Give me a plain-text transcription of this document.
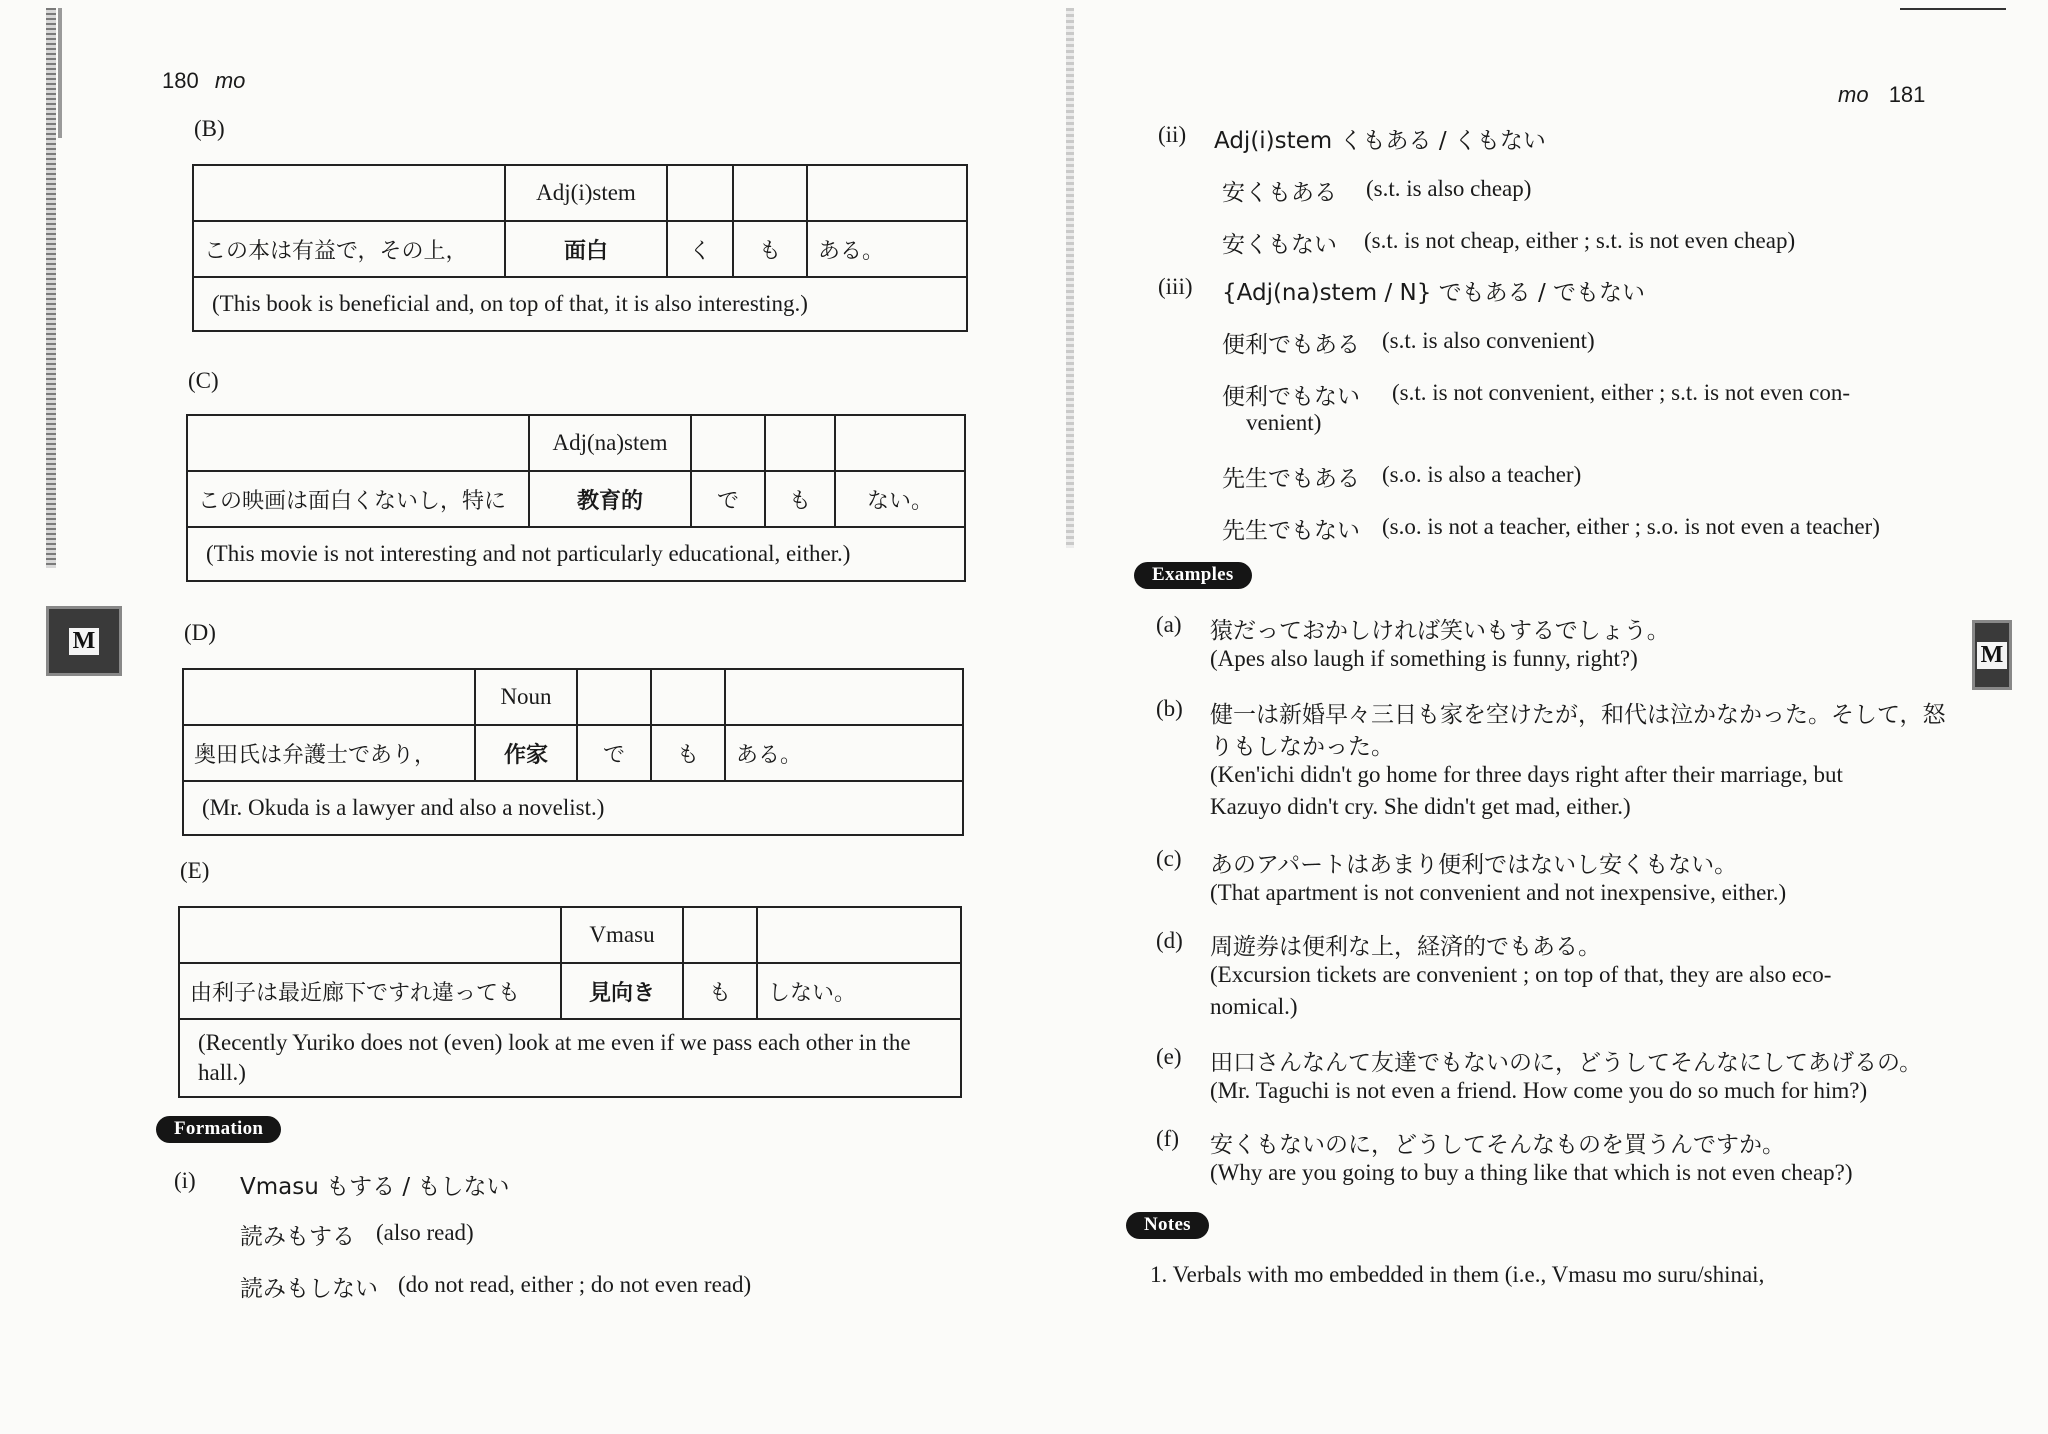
180 mo
(B)
	Adj(i)stem			
この本は有益で，その上，	面白	く	も	ある。
(This book is beneficial and, on top of that, it is also interesting.)				
(C)
	Adj(na)stem			
この映画は面白くないし，特に	教育的	で	も	ない。
(This movie is not interesting and not particularly educational, either.)				
(D)
	Noun			
奥田氏は弁護士であり，	作家	で	も	ある。
(Mr. Okuda is a lawyer and also a novelist.)				
(E)
	Vmasu		
由利子は最近廊下ですれ違っても	見向き	も	しない。
(Recently Yuriko does not (even) look at me even if we pass each other in the hall.)			
Formation
(i) Vmasu もする / もしない
読みもする (also read)
読みもしない (do not read, either ; do not even read)
M
mo 181
(ii) Adj(i)stem くもある / くもない
安くもある (s.t. is also cheap)
安くもない (s.t. is not cheap, either ; s.t. is not even cheap)
(iii) {Adj(na)stem / N} でもある / でもない
便利でもある (s.t. is also convenient)
便利でもない (s.t. is not convenient, either ; s.t. is not even con-
venient)
先生でもある (s.o. is also a teacher)
先生でもない (s.o. is not a teacher, either ; s.o. is not even a teacher)
Examples
(a) 猿だっておかしければ笑いもするでしょう。
(Apes also laugh if something is funny, right?)
(b) 健一は新婚早々三日も家を空けたが，和代は泣かなかった。そして，怒
りもしなかった。
(Ken'ichi didn't go home for three days right after their marriage, but
Kazuyo didn't cry. She didn't get mad, either.)
(c) あのアパートはあまり便利ではないし安くもない。
(That apartment is not convenient and not inexpensive, either.)
(d) 周遊券は便利な上，経済的でもある。
(Excursion tickets are convenient ; on top of that, they are also eco-
nomical.)
(e) 田口さんなんて友達でもないのに，どうしてそんなにしてあげるの。
(Mr. Taguchi is not even a friend. How come you do so much for him?)
(f) 安くもないのに，どうしてそんなものを買うんですか。
(Why are you going to buy a thing like that which is not even cheap?)
Notes
1. Verbals with mo embedded in them (i.e., Vmasu mo suru/shinai,
M
